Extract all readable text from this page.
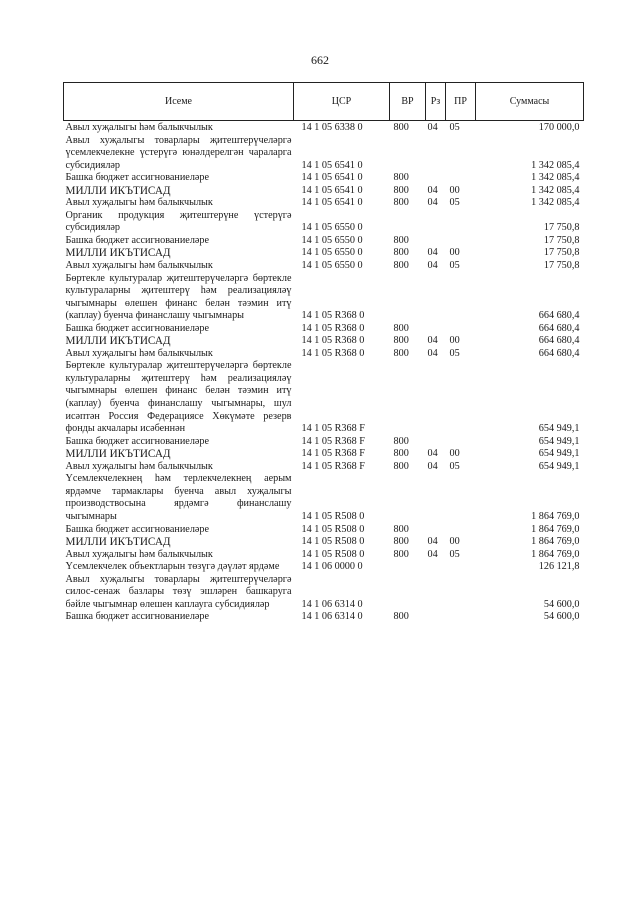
662
Исеме	ЦСР	ВР	Рз	ПР	Суммасы
Авыл хуҗалыгы һәм балыкчылык	14 1 05 6338 0	800	04	05	170 000,0
Авыл хуҗалыгы товарлары җитештерүчеләргә үсемлекчелекне үстерүгә юнәлдерелгән чараларга субсидияләр	14 1 05 6541 0				1 342 085,4
Башка бюджет ассигнованиеләре	14 1 05 6541 0	800			1 342 085,4
МИЛЛИ ИКЪТИСАД	14 1 05 6541 0	800	04	00	1 342 085,4
Авыл хуҗалыгы һәм балыкчылык	14 1 05 6541 0	800	04	05	1 342 085,4
Органик продукция җитештерүне үстерүгә субсидияләр	14 1 05 6550 0				17 750,8
Башка бюджет ассигнованиеләре	14 1 05 6550 0	800			17 750,8
МИЛЛИ ИКЪТИСАД	14 1 05 6550 0	800	04	00	17 750,8
Авыл хуҗалыгы һәм балыкчылык	14 1 05 6550 0	800	04	05	17 750,8
Бөртекле культуралар җитештерүчеләргә бөртекле культураларны җитештерү һәм реализацияләү чыгымнары өлешен финанс белән тәэмин итү (каплау) буенча финанслашу чыгымнары	14 1 05 R368 0				664 680,4
Башка бюджет ассигнованиеләре	14 1 05 R368 0	800			664 680,4
МИЛЛИ ИКЪТИСАД	14 1 05 R368 0	800	04	00	664 680,4
Авыл хуҗалыгы һәм балыкчылык	14 1 05 R368 0	800	04	05	664 680,4
Бөртекле культуралар җитештерүчеләргә бөртекле культураларны җитештерү һәм реализацияләү чыгымнары өлешен финанс белән тәэмин итү (каплау) буенча финанслашу чыгымнары, шул исәптән Россия Федерациясе Хөкүмәте резерв фонды акчалары исәбеннән	14 1 05 R368 F				654 949,1
Башка бюджет ассигнованиеләре	14 1 05 R368 F	800			654 949,1
МИЛЛИ ИКЪТИСАД	14 1 05 R368 F	800	04	00	654 949,1
Авыл хуҗалыгы һәм балыкчылык	14 1 05 R368 F	800	04	05	654 949,1
Үсемлекчелекнең һәм терлекчелекнең аерым ярдәмче тармаклары буенча авыл хуҗалыгы производствосына ярдәмгә финанслашу чыгымнары	14 1 05 R508 0				1 864 769,0
Башка бюджет ассигнованиеләре	14 1 05 R508 0	800			1 864 769,0
МИЛЛИ ИКЪТИСАД	14 1 05 R508 0	800	04	00	1 864 769,0
Авыл хуҗалыгы һәм балыкчылык	14 1 05 R508 0	800	04	05	1 864 769,0
Үсемлекчелек объектларын төзүгә дәүләт ярдәме	14 1 06 0000 0				126 121,8
Авыл хуҗалыгы товарлары җитештерүчеләргә силос-сенаж базлары төзү эшләрен башкаруга бәйле чыгымнар өлешен каплауга субсидияләр	14 1 06 6314 0				54 600,0
Башка бюджет ассигнованиеләре	14 1 06 6314 0	800			54 600,0
